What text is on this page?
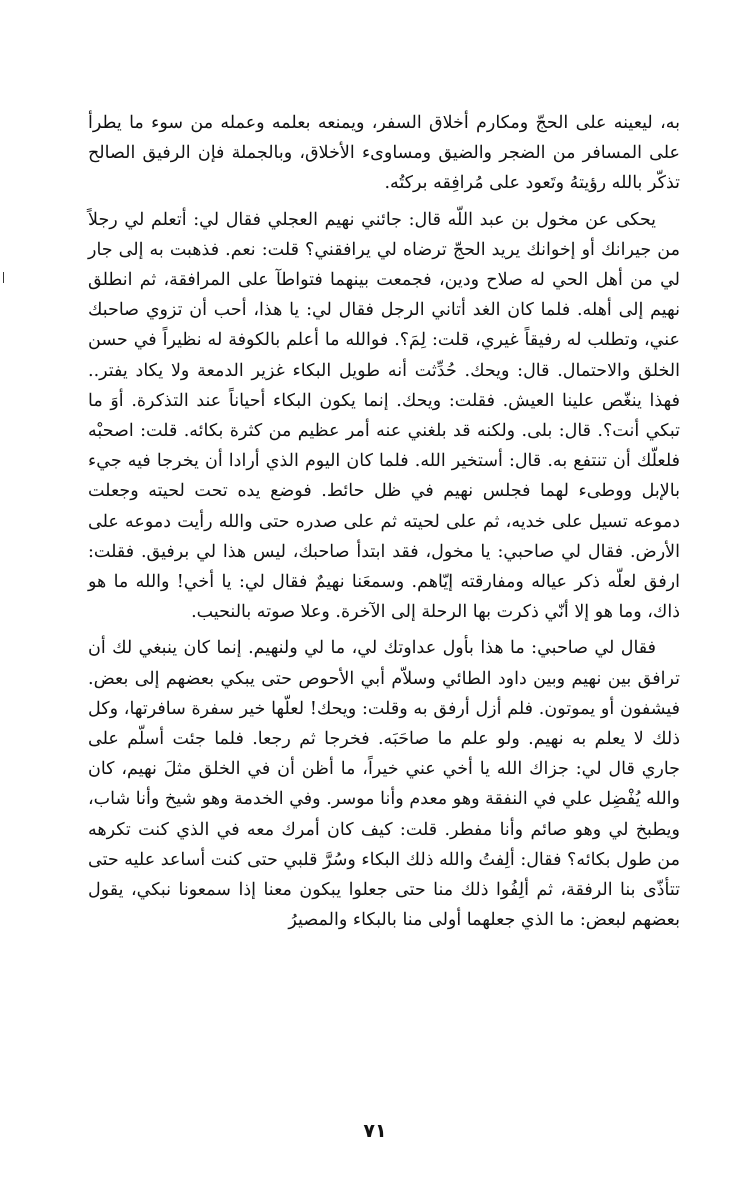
به، ليعينه على الحجّ ومكارم أخلاق السفر، ويمنعه بعلمه وعمله من سوء ما يطرأ على المسافر من الضجر والضيق ومساوىء الأخلاق، وبالجملة فإن الرفيق الصالح تذكّر بالله رؤيتهُ وتَعود على مُرافِقه بركتُه.

يحكى عن مخول بن عبد اللّه قال: جائني نهيم العجلي فقال لي: أتعلم لي رجلاً من جيرانك أو إخوانك يريد الحجّ ترضاه لي يرافقني؟ قلت: نعم. فذهبت به إلى جار لي من أهل الحي له صلاح ودين، فجمعت بينهما فتواطآ على المرافقة، ثم انطلق نهيم إلى أهله. فلما كان الغد أتاني الرجل فقال لي: يا هذا، أحب أن تزوي صاحبك عني، وتطلب له رفيقاً غيري، قلت: لِمَ؟. فوالله ما أعلم بالكوفة له نظيراً في حسن الخلق والاحتمال. قال: ويحك. حُدِّثت أنه طويل البكاء غزير الدمعة ولا يكاد يفتر.. فهذا ينغّص علينا العيش. فقلت: ويحك. إنما يكون البكاء أحياناً عند التذكرة. أوَ ما تبكي أنت؟. قال: بلى. ولكنه قد بلغني عنه أمر عظيم من كثرة بكائه. قلت: اصحبْه فلعلّك أن تنتفع به. قال: أستخير الله. فلما كان اليوم الذي أرادا أن يخرجا فيه جيء بالإبل ووطىء لهما فجلس نهيم في ظل حائط. فوضع يده تحت لحيته وجعلت دموعه تسيل على خديه، ثم على لحيته ثم على صدره حتى والله رأيت دموعه على الأرض. فقال لي صاحبي: يا مخول، فقد ابتدأ صاحبك، ليس هذا لي برفيق. فقلت: ارفق لعلّه ذكر عياله ومفارقته إيّاهم. وسمعَنا نهيمٌ فقال لي: يا أخي! والله ما هو ذاك، وما هو إلا أنّي ذكرت بها الرحلة إلى الآخرة. وعلا صوته بالنحيب.

فقال لي صاحبي: ما هذا بأول عداوتك لي، ما لي ولنهيم. إنما كان ينبغي لك أن ترافق بين نهيم وبين داود الطائي وسلاّم أبي الأحوص حتى يبكي بعضهم إلى بعض. فيشفون أو يموتون. فلم أزل أرفق به وقلت: ويحك! لعلّها خير سفرة سافرتها، وكل ذلك لا يعلم به نهيم. ولو علم ما صاحَبَه. فخرجا ثم رجعا. فلما جئت أسلّم على جاري قال لي: جزاك الله يا أخي عني خيراً، ما أظن أن في الخلق مثلَ نهيم، كان والله يُفْضِل علي في النفقة وهو معدم وأنا موسر. وفي الخدمة وهو شيخ وأنا شاب، ويطبخ لي وهو صائم وأنا مفطر. قلت: كيف كان أمرك معه في الذي كنت تكرهه من طول بكائه؟ فقال: ألِفتُ والله ذلك البكاء وسُرَّ قلبي حتى كنت أساعد عليه حتى تتأذّى بنا الرفقة، ثم ألِفُوا ذلك منا حتى جعلوا يبكون معنا إذا سمعونا نبكي، يقول بعضهم لبعض: ما الذي جعلهما أولى منا بالبكاء والمصيرُ

٧١
